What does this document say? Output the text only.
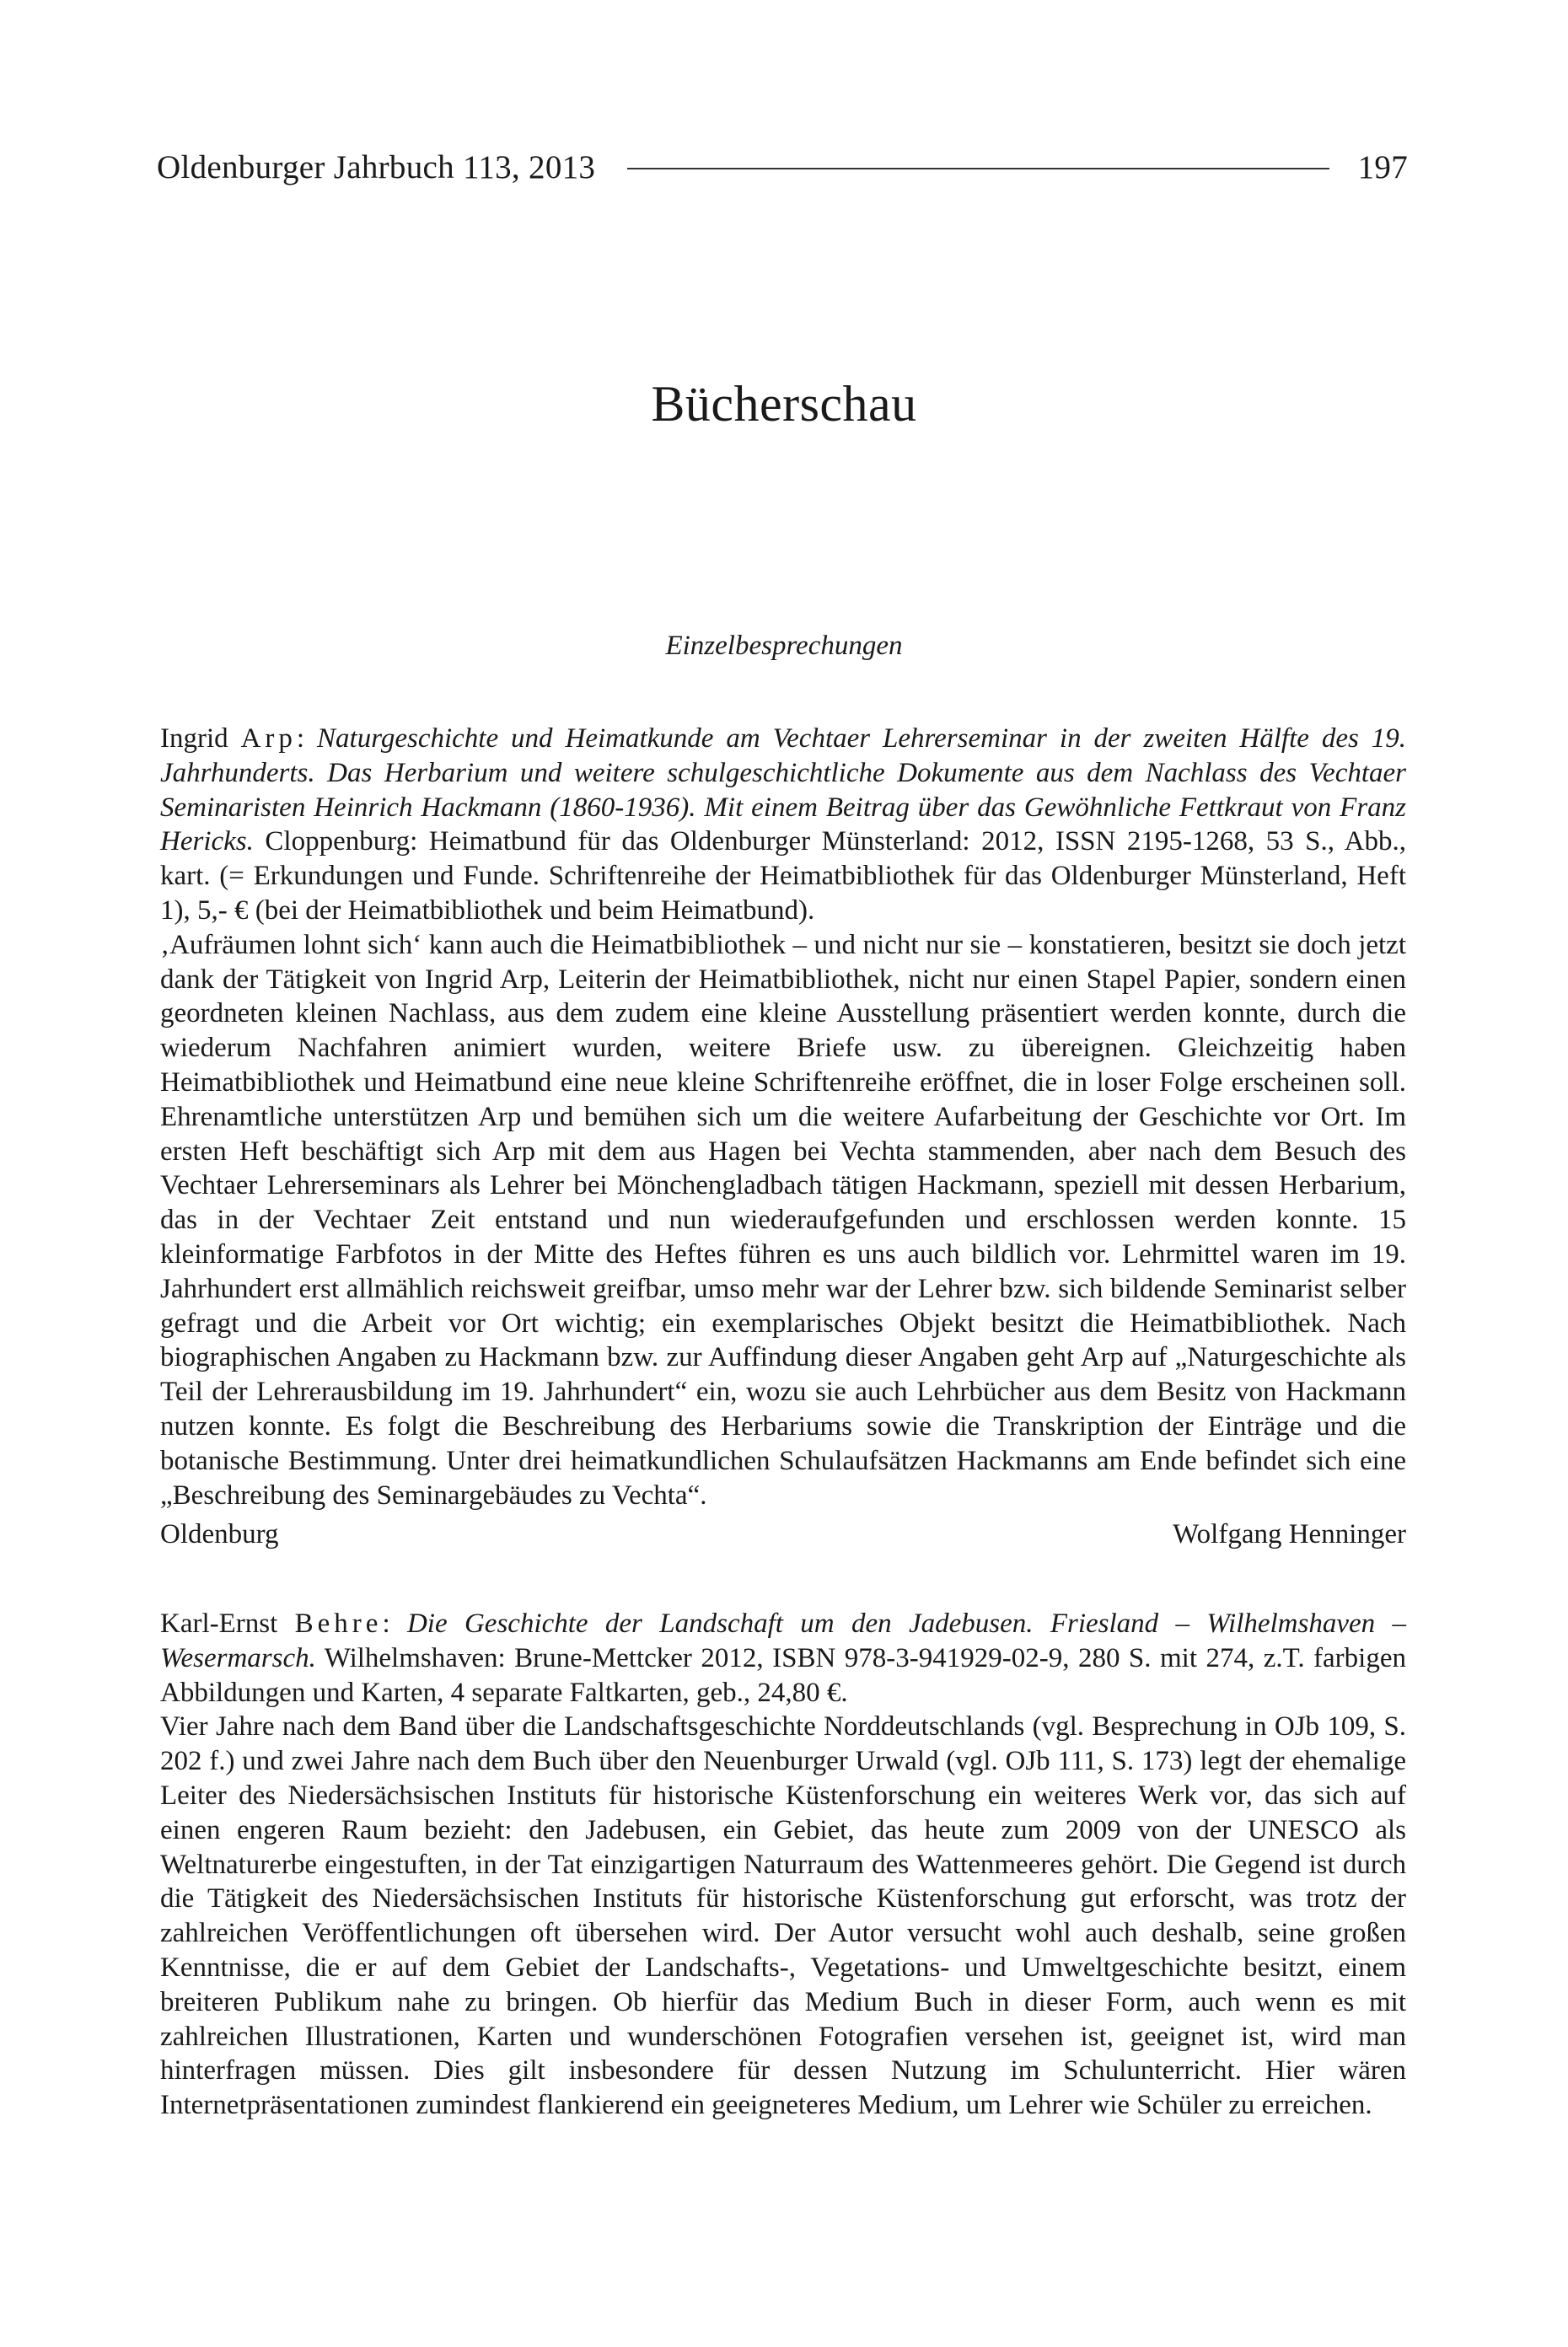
Oldenburger Jahrbuch 113, 2013	197
Bücherschau
Einzelbesprechungen

Ingrid Arp: Naturgeschichte und Heimatkunde am Vechtaer Lehrerseminar in der zweiten Hälfte des 19. Jahrhunderts. Das Herbarium und weitere schulgeschichtliche Dokumente aus dem Nachlass des Vechtaer Seminaristen Heinrich Hackmann (1860-1936). Mit einem Beitrag über das Gewöhnliche Fettkraut von Franz Hericks. Cloppenburg: Heimatbund für das Oldenburger Münsterland: 2012, ISSN 2195-1268, 53 S., Abb., kart. (= Erkundungen und Funde. Schriftenreihe der Heimatbibliothek für das Oldenburger Münsterland, Heft 1), 5,- € (bei der Heimatbibliothek und beim Heimatbund).

‚Aufräumen lohnt sich‘ kann auch die Heimatbibliothek – und nicht nur sie – konstatieren, besitzt sie doch jetzt dank der Tätigkeit von Ingrid Arp, Leiterin der Heimatbibliothek, nicht nur einen Stapel Papier, sondern einen geordneten kleinen Nachlass, aus dem zudem eine kleine Ausstellung präsentiert werden konnte, durch die wiederum Nachfahren animiert wurden, weitere Briefe usw. zu übereignen. Gleichzeitig haben Heimatbibliothek und Heimatbund eine neue kleine Schriftenreihe eröffnet, die in loser Folge erscheinen soll. Ehrenamtliche unterstützen Arp und bemühen sich um die weitere Aufarbeitung der Geschichte vor Ort. Im ersten Heft beschäftigt sich Arp mit dem aus Hagen bei Vechta stammenden, aber nach dem Besuch des Vechtaer Lehrerseminars als Lehrer bei Mönchengladbach tätigen Hackmann, speziell mit dessen Herbarium, das in der Vechtaer Zeit entstand und nun wiederaufgefunden und erschlossen werden konnte. 15 kleinformatige Farbfotos in der Mitte des Heftes führen es uns auch bildlich vor. Lehrmittel waren im 19. Jahrhundert erst allmählich reichsweit greifbar, umso mehr war der Lehrer bzw. sich bildende Seminarist selber gefragt und die Arbeit vor Ort wichtig; ein exemplarisches Objekt besitzt die Heimatbibliothek. Nach biographischen Angaben zu Hackmann bzw. zur Auffindung dieser Angaben geht Arp auf „Naturgeschichte als Teil der Lehrerausbildung im 19. Jahrhundert“ ein, wozu sie auch Lehrbücher aus dem Besitz von Hackmann nutzen konnte. Es folgt die Beschreibung des Herbariums sowie die Transkription der Einträge und die botanische Bestimmung. Unter drei heimatkundlichen Schulaufsätzen Hackmanns am Ende befindet sich eine „Beschreibung des Seminargebäudes zu Vechta“.

Oldenburg	Wolfgang Henninger

Karl-Ernst Behre: Die Geschichte der Landschaft um den Jadebusen. Friesland – Wilhelmshaven – Wesermarsch. Wilhelmshaven: Brune-Mettcker 2012, ISBN 978-3-941929-02-9, 280 S. mit 274, z.T. farbigen Abbildungen und Karten, 4 separate Faltkarten, geb., 24,80 €.

Vier Jahre nach dem Band über die Landschaftsgeschichte Norddeutschlands (vgl. Besprechung in OJb 109, S. 202 f.) und zwei Jahre nach dem Buch über den Neuenburger Urwald (vgl. OJb 111, S. 173) legt der ehemalige Leiter des Niedersächsischen Instituts für historische Küstenforschung ein weiteres Werk vor, das sich auf einen engeren Raum bezieht: den Jadebusen, ein Gebiet, das heute zum 2009 von der UNESCO als Weltnaturerbe eingestuften, in der Tat einzigartigen Naturraum des Wattenmeeres gehört. Die Gegend ist durch die Tätigkeit des Niedersächsischen Instituts für historische Küstenforschung gut erforscht, was trotz der zahlreichen Veröffentlichungen oft übersehen wird. Der Autor versucht wohl auch deshalb, seine großen Kenntnisse, die er auf dem Gebiet der Landschafts-, Vegetations- und Umweltgeschichte besitzt, einem breiteren Publikum nahe zu bringen. Ob hierfür das Medium Buch in dieser Form, auch wenn es mit zahlreichen Illustrationen, Karten und wunderschönen Fotografien versehen ist, geeignet ist, wird man hinterfragen müssen. Dies gilt insbesondere für dessen Nutzung im Schulunterricht. Hier wären Internetpräsentationen zumindest flankierend ein geeigneteres Medium, um Lehrer wie Schüler zu erreichen.
